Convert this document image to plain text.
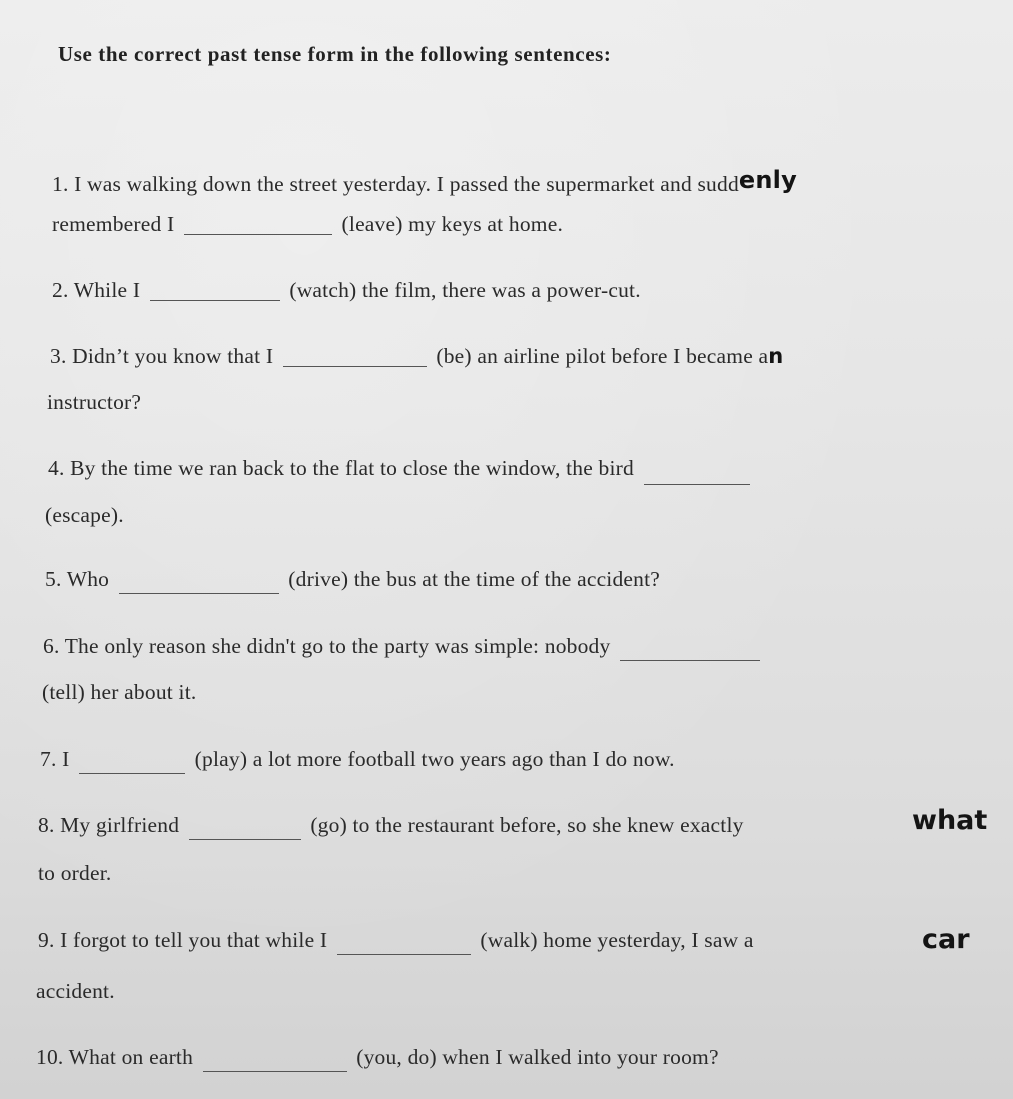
Use the correct past tense form in the following sentences:
1. I was walking down the street yesterday. I passed the supermarket and suddenly
remembered I	(leave) my keys at home.
2. While I	(watch) the film, there was a power-cut.
3. Didn’t you know that I	(be) an airline pilot before I became an
instructor?
4. By the time we ran back to the flat to close the window, the bird
(escape).
5. Who	(drive) the bus at the time of the accident?
6. The only reason she didn't go to the party was simple: nobody
(tell) her about it.
7. I	(play) a lot more football two years ago than I do now.
8. My girlfriend	(go) to the restaurant before, so she knew exactly	what
to order.
9. I forgot to tell you that while I	(walk) home yesterday, I saw a	car
accident.
10. What on earth	(you, do) when I walked into your room?
